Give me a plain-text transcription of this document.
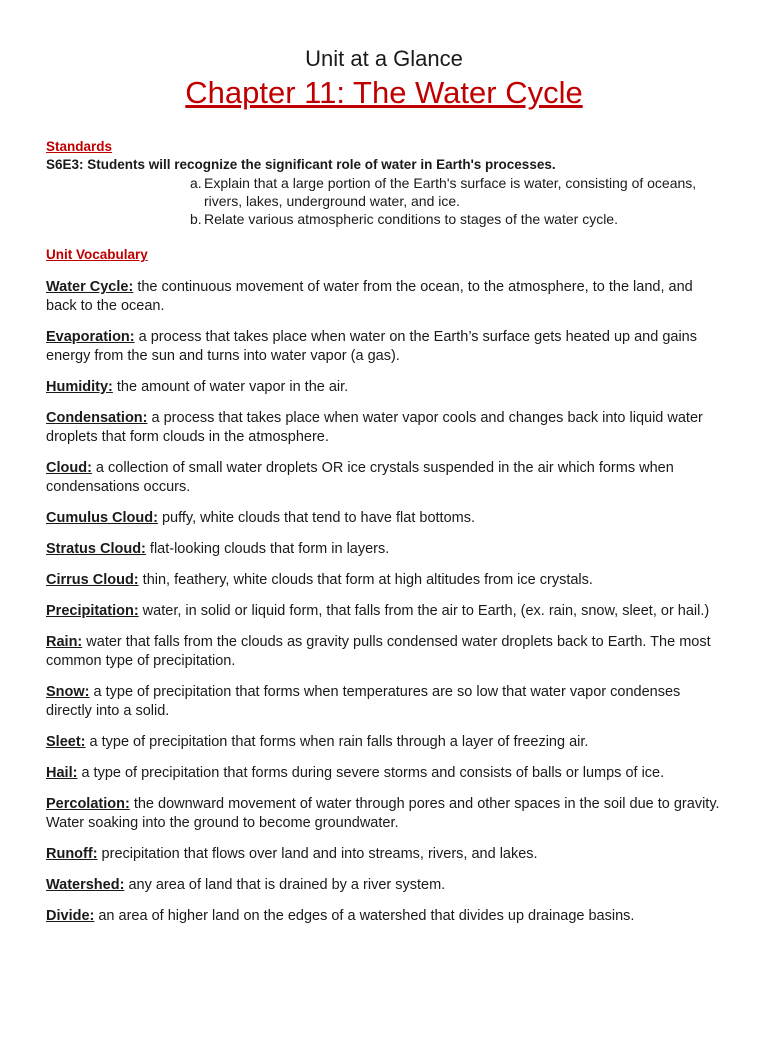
Unit at a Glance
Chapter 11: The Water Cycle
Standards
S6E3: Students will recognize the significant role of water in Earth's processes.
a. Explain that a large portion of the Earth's surface is water, consisting of oceans, rivers, lakes, underground water, and ice.
b. Relate various atmospheric conditions to stages of the water cycle.
Unit Vocabulary

Water Cycle: the continuous movement of water from the ocean, to the atmosphere, to the land, and back to the ocean.

Evaporation: a process that takes place when water on the Earth’s surface gets heated up and gains energy from the sun and turns into water vapor (a gas).

Humidity: the amount of water vapor in the air.

Condensation: a process that takes place when water vapor cools and changes back into liquid water droplets that form clouds in the atmosphere.

Cloud: a collection of small water droplets OR ice crystals suspended in the air which forms when condensations occurs.

Cumulus Cloud: puffy, white clouds that tend to have flat bottoms.

Stratus Cloud: flat-looking clouds that form in layers.

Cirrus Cloud: thin, feathery, white clouds that form at high altitudes from ice crystals.

Precipitation: water, in solid or liquid form, that falls from the air to Earth, (ex. rain, snow, sleet, or hail.)

Rain: water that falls from the clouds as gravity pulls condensed water droplets back to Earth. The most common type of precipitation.

Snow: a type of precipitation that forms when temperatures are so low that water vapor condenses directly into a solid.

Sleet: a type of precipitation that forms when rain falls through a layer of freezing air.

Hail: a type of precipitation that forms during severe storms and consists of balls or lumps of ice.

Percolation: the downward movement of water through pores and other spaces in the soil due to gravity. Water soaking into the ground to become groundwater.

Runoff: precipitation that flows over land and into streams, rivers, and lakes.

Watershed: any area of land that is drained by a river system.

Divide: an area of higher land on the edges of a watershed that divides up drainage basins.
